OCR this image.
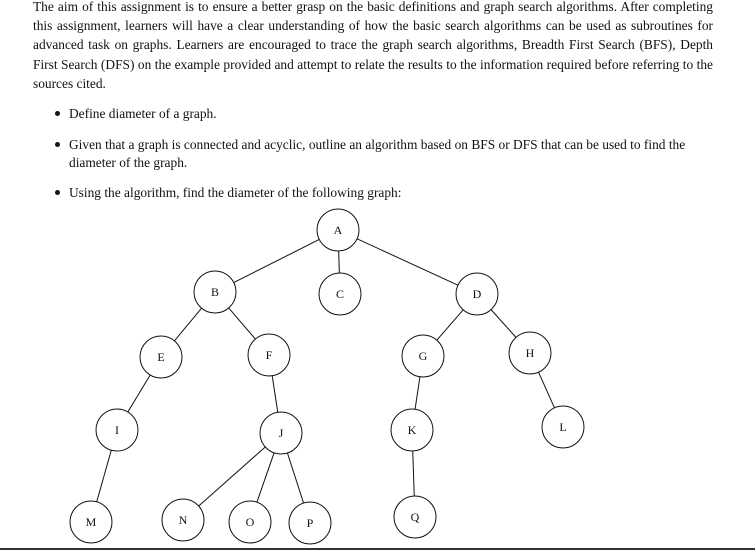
The aim of this assignment is to ensure a better grasp on the basic definitions and graph search algorithms. After completing this assignment, learners will have a clear understanding of how the basic search algorithms can be used as subroutines for advanced task on graphs. Learners are encouraged to trace the graph search algorithms, Breadth First Search (BFS), Depth First Search (DFS) on the example provided and attempt to relate the results to the information required before referring to the sources cited.

Define diameter of a graph.
Given that a graph is connected and acyclic, outline an algorithm based on BFS or DFS that can be used to find the diameter of the graph.
Using the algorithm, find the diameter of the following graph:
A
B	C	D
E	F	G	H
I	J	K	L
M	N	O	P	Q
